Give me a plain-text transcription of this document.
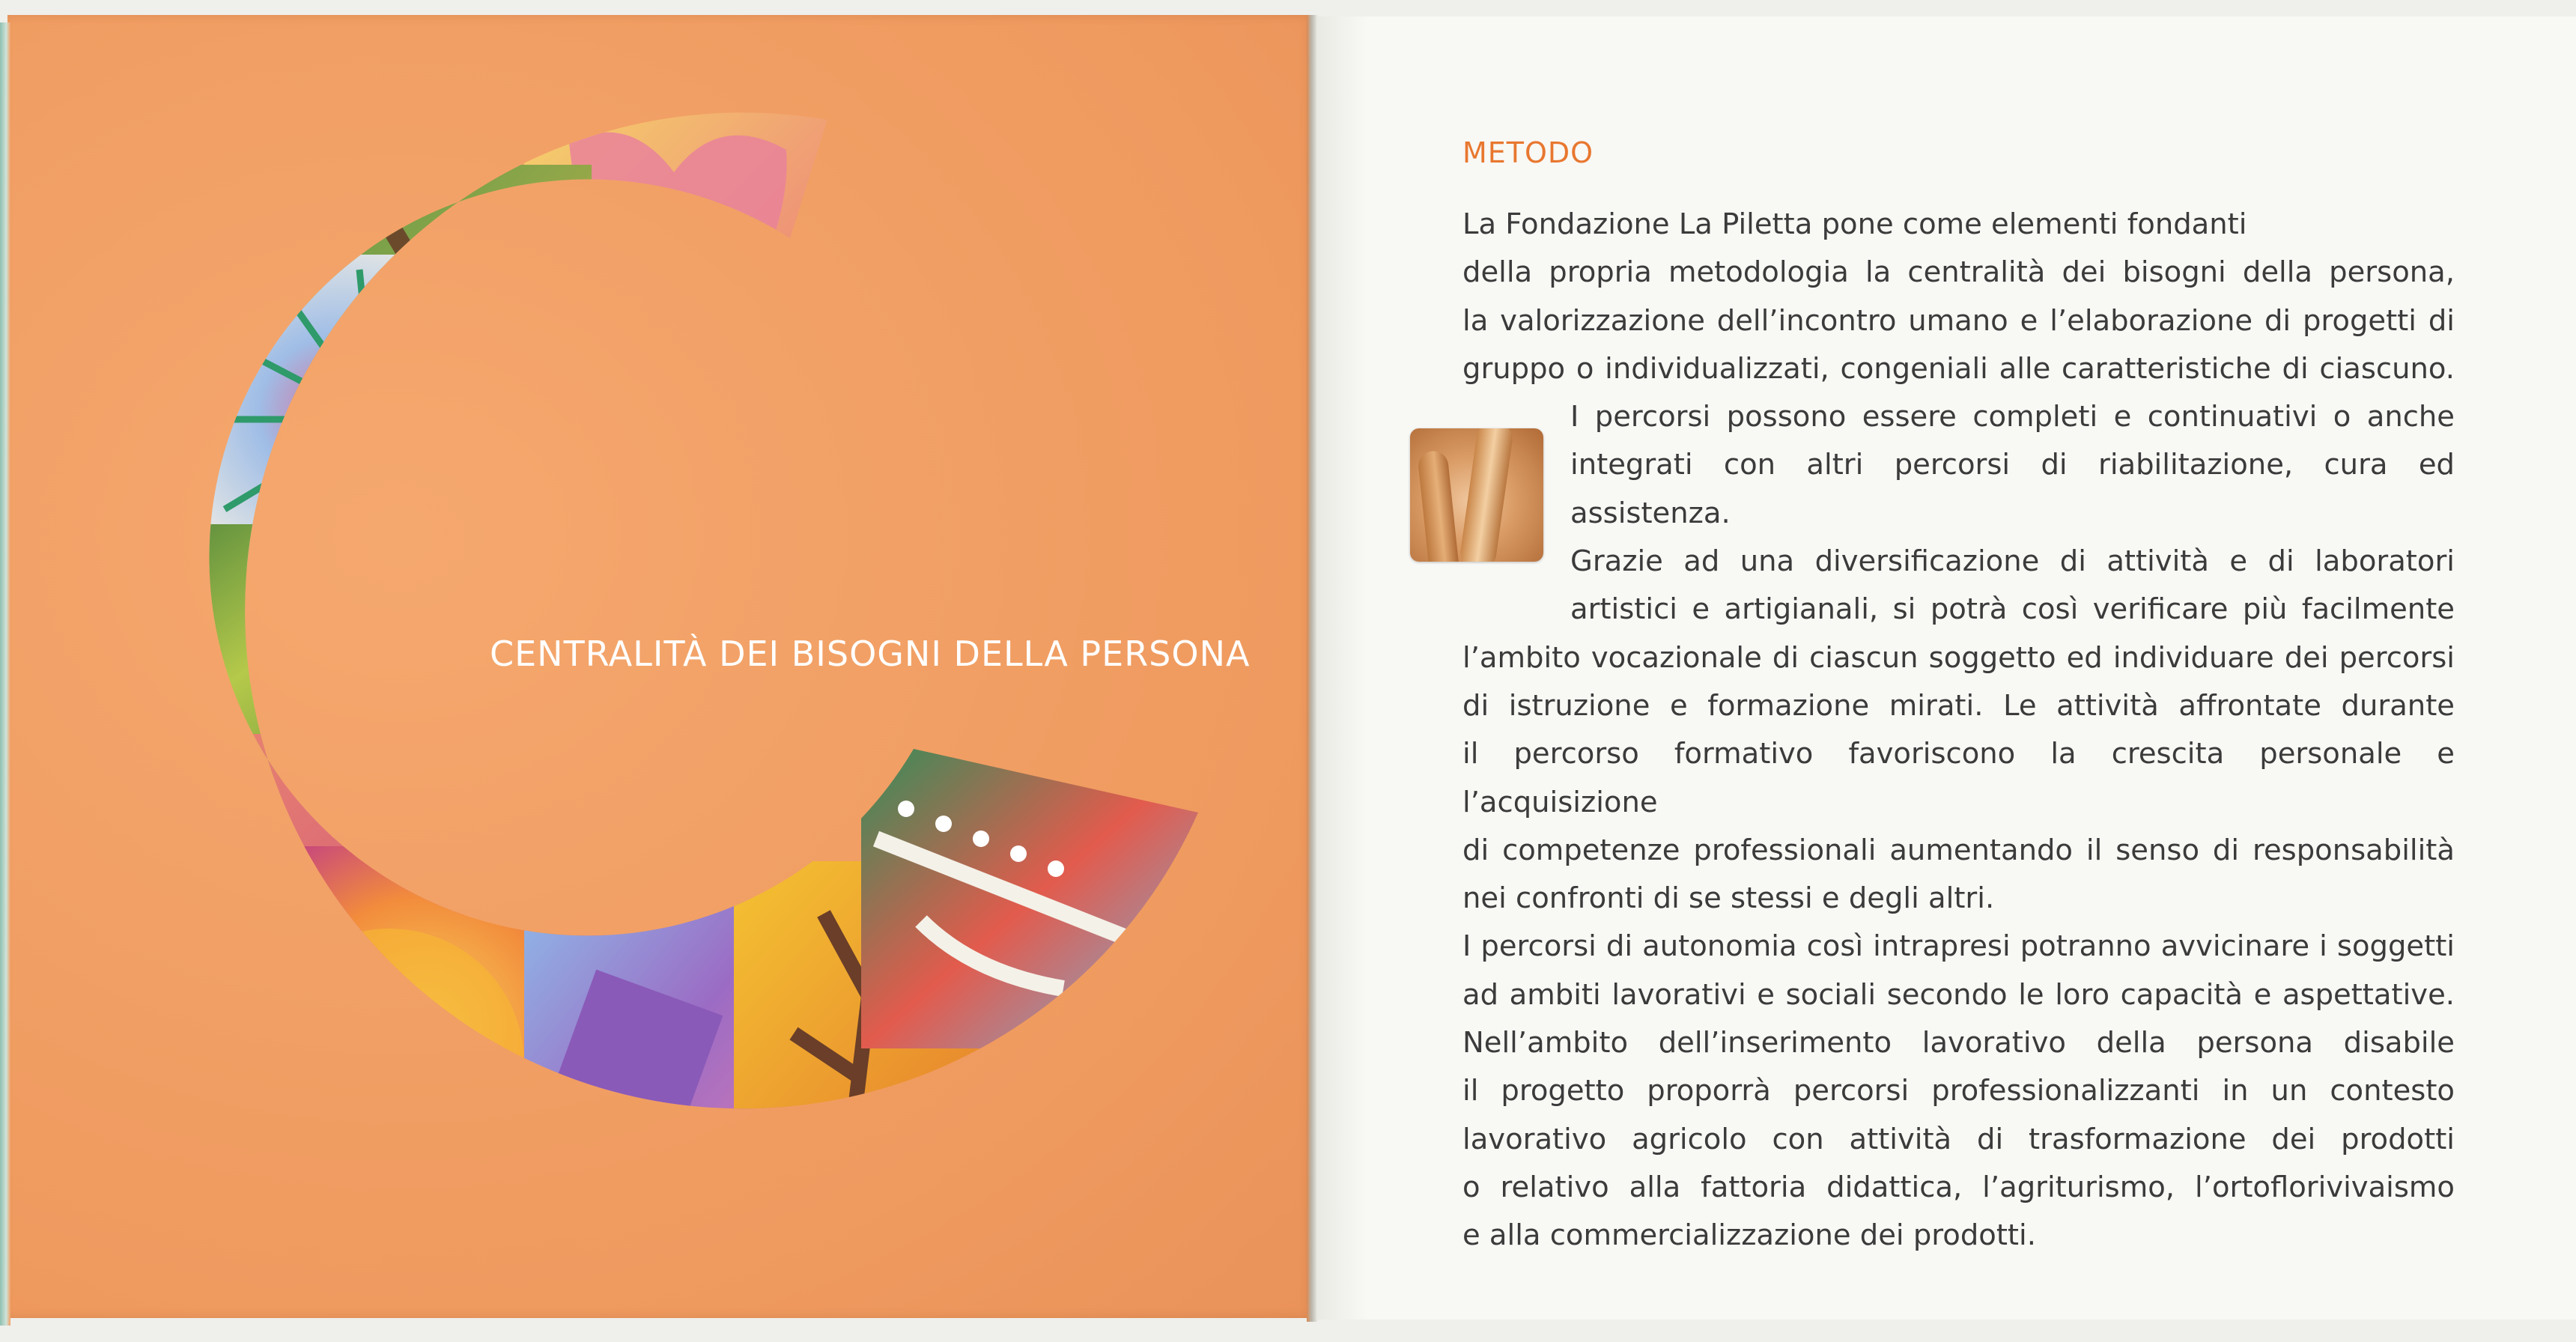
CENTRALITÀ DEI BISOGNI DELLA PERSONA
METODO
La Fondazione La Piletta pone come elementi fondanti
della propria metodologia la centralità dei bisogni della persona,
la valorizzazione dell’incontro umano e l’elaborazione di progetti di
gruppo o individualizzati, congeniali alle caratteristiche di ciascuno.
I percorsi possono essere completi e continuativi o anche
integrati con altri percorsi di riabilitazione, cura ed assistenza.
Grazie ad una diversificazione di attività e di laboratori
artistici e artigianali, si potrà così verificare più facilmente
l’ambito vocazionale di ciascun soggetto ed individuare dei percorsi
di istruzione e formazione mirati. Le attività affrontate durante
il percorso formativo favoriscono la crescita personale e l’acquisizione
di competenze professionali aumentando il senso di responsabilità
nei confronti di se stessi e degli altri.
I percorsi di autonomia così intrapresi potranno avvicinare i soggetti
ad ambiti lavorativi e sociali secondo le loro capacità e aspettative.
Nell’ambito dell’inserimento lavorativo della persona disabile
il progetto proporrà percorsi professionalizzanti in un contesto
lavorativo agricolo con attività di trasformazione dei prodotti
o relativo alla fattoria didattica, l’agriturismo, l’ortoflorivivaismo
e alla commercializzazione dei prodotti.
